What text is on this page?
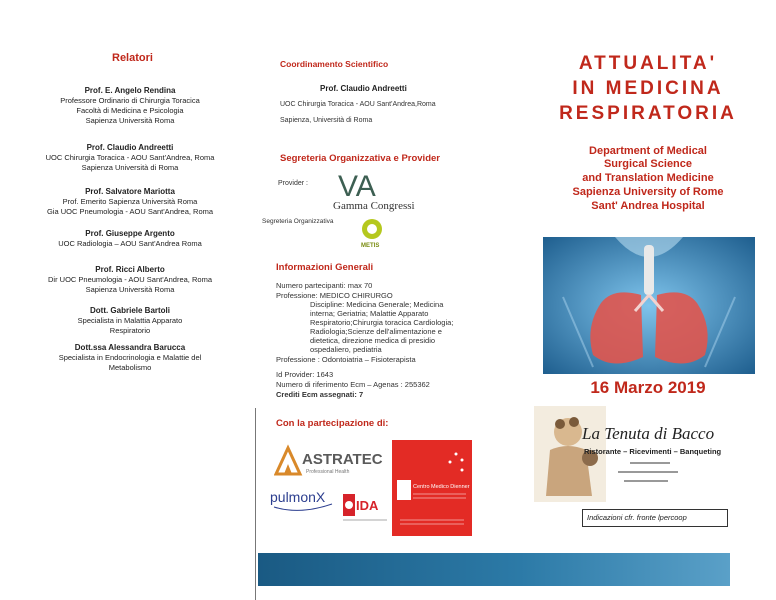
Relatori
Prof. E. Angelo Rendina
Professore Ordinario di Chirurgia Toracica
Facoltà di Medicina e Psicologia
Sapienza Università Roma
Prof. Claudio Andreetti
UOC Chirurgia Toracica - AOU Sant'Andrea, Roma
Sapienza Università di Roma
Prof. Salvatore Mariotta
Prof. Emerito Sapienza Università Roma
Gia UOC Pneumologia - AOU Sant'Andrea, Roma
Prof. Giuseppe Argento
UOC Radiologia – AOU Sant'Andrea Roma
Prof. Ricci Alberto
Dir UOC Pneumologia - AOU Sant'Andrea, Roma
Sapienza Università Roma
Dott. Gabriele Bartoli
Specialista in Malattia Apparato
Respiratorio
Dott.ssa Alessandra Barucca
Specialista in Endocrinologia e Malattie del
Metabolismo
Coordinamento Scientifico
Prof. Claudio Andreetti
UOC Chirurgia Toracica - AOU Sant'Andrea,Roma
Sapienza, Università di Roma
Segreteria Organizzativa e Provider
Provider : VA
Gamma Congressi
Segreteria Organizzativa
METIS
Informazioni Generali
Numero partecipanti: max 70
Professione: MEDICO CHIRURGO
Discipline: Medicina Generale; Medicina
interna; Geriatria; Malattie Apparato
Respiratorio;Chirurgia toracica Cardiologia;
Radiologia;Scienze dell'alimentazione e
dietetica, direzione medica di presidio
ospedaliero, pediatria
Professione : Odontoiatria – Fisioterapista
Id Provider: 1643
Numero di riferimento Ecm – Agenas : 255362
Crediti Ecm assegnati: 7
Con la partecipazione di:
ASTRATEC
Professional Health
pulmonX
IDA
Centro Medico Dienner
ATTUALITA'
IN MEDICINA
RESPIRATORIA
Department of Medical
Surgical Science
and Translation Medicine
Sapienza University of Rome
Sant' Andrea Hospital
16 Marzo 2019
La Tenuta di Bacco
Ristorante – Ricevimenti – Banqueting
Indicazioni cfr. fronte lpercoop
